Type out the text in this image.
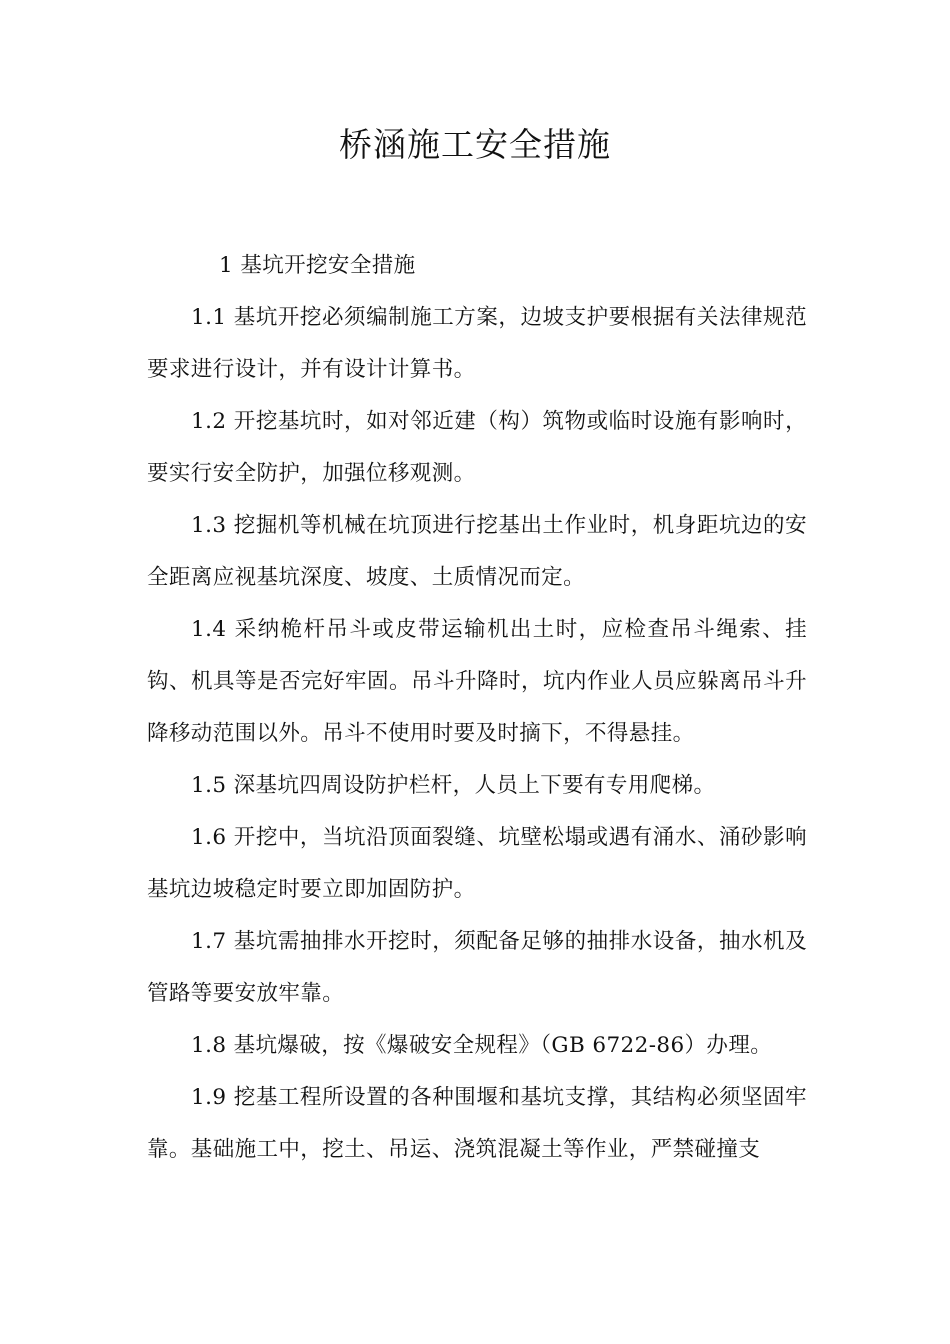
桥涵施工安全措施
1 基坑开挖安全措施

1.1 基坑开挖必须编制施工方案，边坡支护要根据有关法律规范要求进行设计，并有设计计算书。

1.2 开挖基坑时，如对邻近建（构）筑物或临时设施有影响时，要实行安全防护，加强位移观测。

1.3 挖掘机等机械在坑顶进行挖基出土作业时，机身距坑边的安全距离应视基坑深度、坡度、土质情况而定。

1.4 采纳桅杆吊斗或皮带运输机出土时，应检查吊斗绳索、挂钩、机具等是否完好牢固。吊斗升降时，坑内作业人员应躲离吊斗升降移动范围以外。吊斗不使用时要及时摘下，不得悬挂。

1.5 深基坑四周设防护栏杆，人员上下要有专用爬梯。

1.6 开挖中，当坑沿顶面裂缝、坑壁松塌或遇有涌水、涌砂影响基坑边坡稳定时要立即加固防护。

1.7 基坑需抽排水开挖时，须配备足够的抽排水设备，抽水机及管路等要安放牢靠。

1.8 基坑爆破，按《爆破安全规程》（GB 6722-86）办理。

1.9 挖基工程所设置的各种围堰和基坑支撑，其结构必须坚固牢靠。基础施工中，挖土、吊运、浇筑混凝土等作业，严禁碰撞支
